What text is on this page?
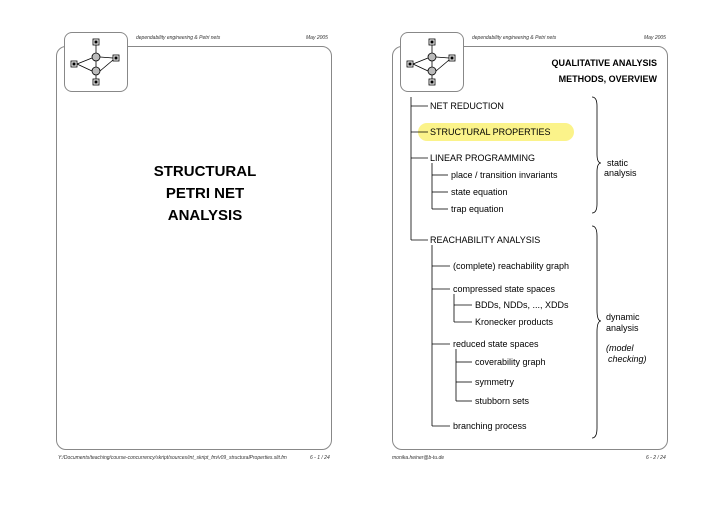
dependability engineering & Petri nets	May 2005
STRUCTURAL
PETRI NET
ANALYSIS
Y:/Documents/teaching/course-concurrency/skript/sources/int_skript_fm/v09_structuralProperties.slit.fm	6 - 1 / 24
dependability engineering & Petri nets	May 2005
QUALITATIVE ANALYSIS
METHODS, OVERVIEW
NET REDUCTION
STRUCTURAL PROPERTIES
LINEAR PROGRAMMING
place / transition invariants
state equation
trap equation
REACHABILITY ANALYSIS
(complete) reachability graph
compressed state spaces
BDDs, NDDs, ..., XDDs
Kronecker products
reduced state spaces
coverability graph
symmetry
stubborn sets
branching process
static
analysis
dynamic
analysis
(model
checking)
monika.heiner@b-tu.de	6 - 2 / 24
